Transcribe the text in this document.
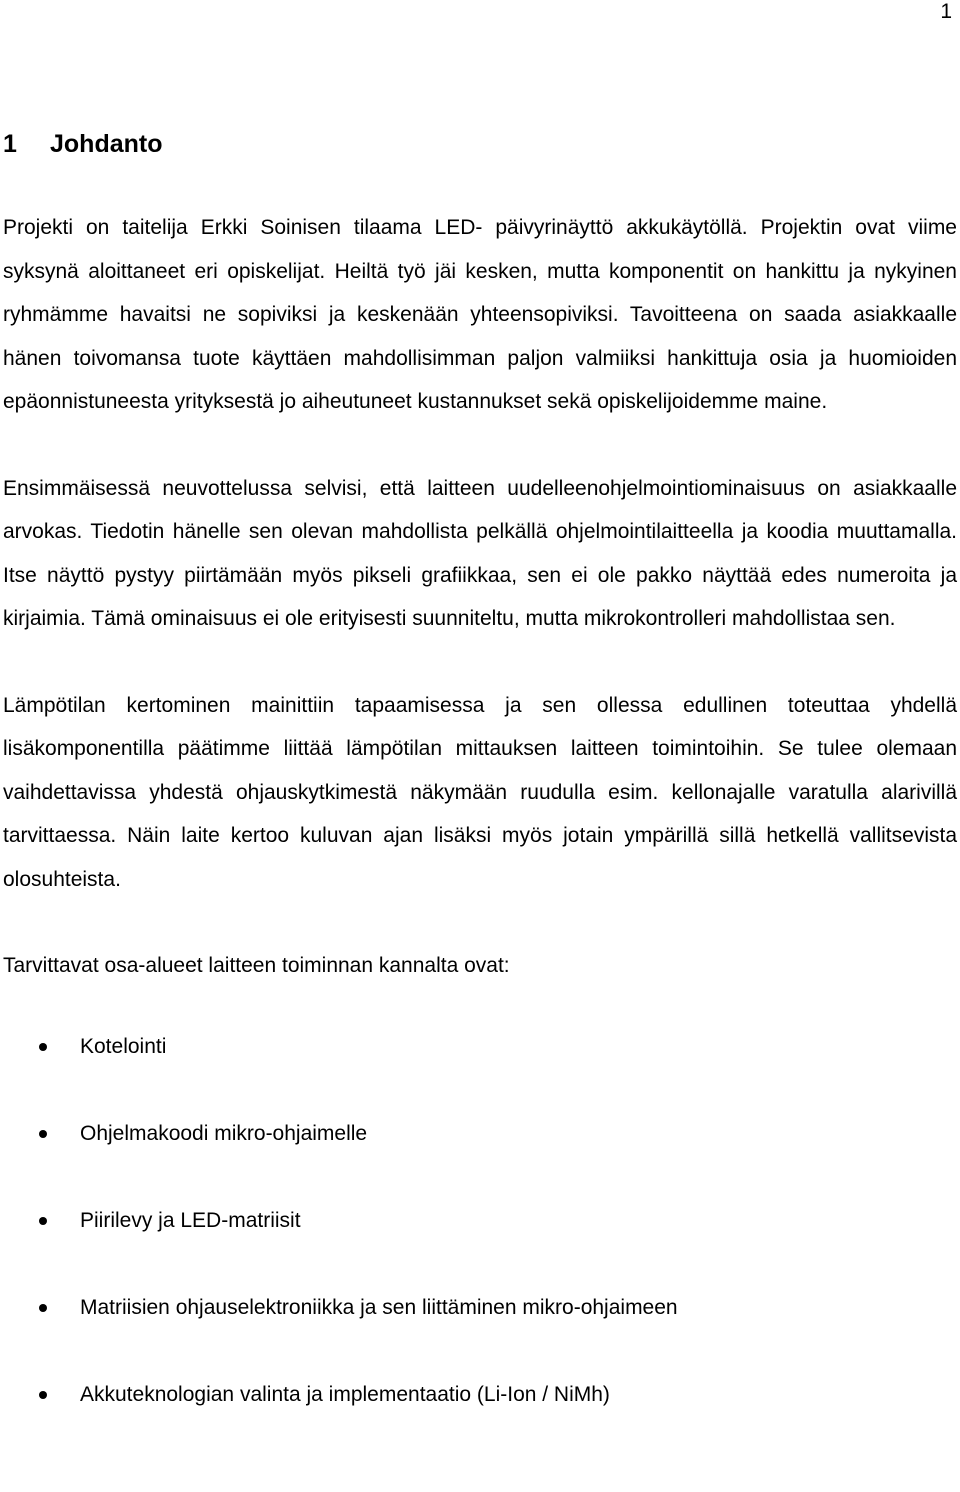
1
1 Johdanto

Projekti on taitelija Erkki Soinisen tilaama LED- päivyrinäyttö akkukäytöllä. Projektin ovat viime syksynä aloittaneet eri opiskelijat. Heiltä työ jäi kesken, mutta komponentit on hankittu ja nykyinen ryhmämme havaitsi ne sopiviksi ja keskenään yhteensopiviksi. Tavoitteena on saada asiakkaalle hänen toivomansa tuote käyttäen mahdollisimman paljon valmiiksi hankittuja osia ja huomioiden epäonnistuneesta yrityksestä jo aiheutuneet kustannukset sekä opiskelijoidemme maine.

Ensimmäisessä neuvottelussa selvisi, että laitteen uudelleenohjelmointiominaisuus on asiakkaalle arvokas. Tiedotin hänelle sen olevan mahdollista pelkällä ohjelmointilaitteella ja koodia muuttamalla. Itse näyttö pystyy piirtämään myös pikseli grafiikkaa, sen ei ole pakko näyttää edes numeroita ja kirjaimia. Tämä ominaisuus ei ole erityisesti suunniteltu, mutta mikrokontrolleri mahdollistaa sen.

Lämpötilan kertominen mainittiin tapaamisessa ja sen ollessa edullinen toteuttaa yhdellä lisäkomponentilla päätimme liittää lämpötilan mittauksen laitteen toimintoihin. Se tulee olemaan vaihdettavissa yhdestä ohjauskytkimestä näkymään ruudulla esim. kellonajalle varatulla alarivillä tarvittaessa. Näin laite kertoo kuluvan ajan lisäksi myös jotain ympärillä sillä hetkellä vallitsevista olosuhteista.

Tarvittavat osa-alueet laitteen toiminnan kannalta ovat:

Kotelointi
Ohjelmakoodi mikro-ohjaimelle
Piirilevy ja LED-matriisit
Matriisien ohjauselektroniikka ja sen liittäminen mikro-ohjaimeen
Akkuteknologian valinta ja implementaatio (Li-Ion / NiMh)
